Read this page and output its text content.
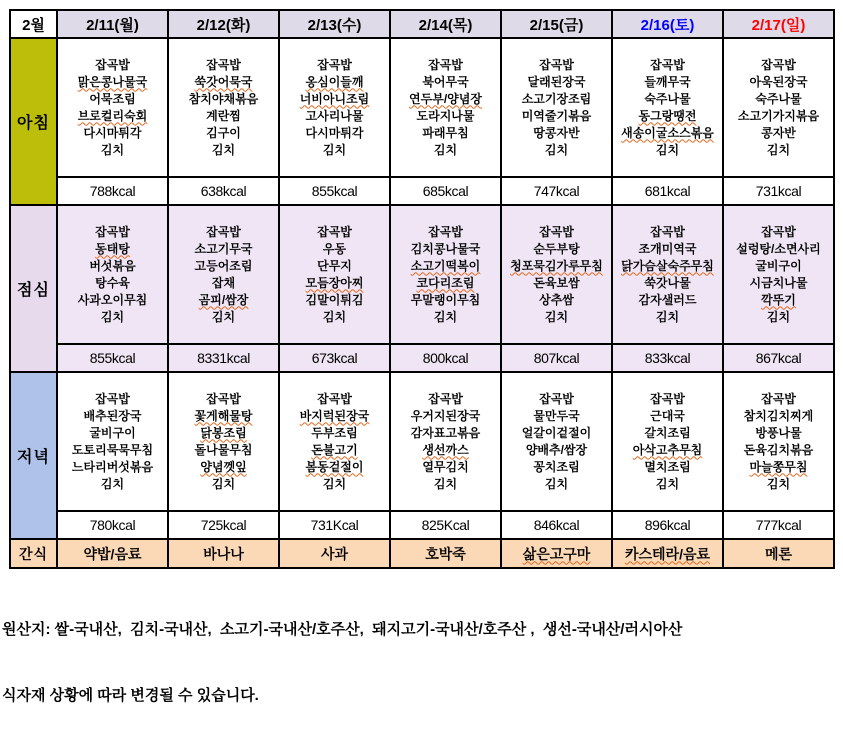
2월	2/11(월)	2/12(화)	2/13(수)	2/14(목)	2/15(금)	2/16(토)	2/17(일)
아침	
잡곡밥
맑은콩나물국
어묵조림
브로컬리숙회
다시마튀각
김치

잡곡밥
쑥갓어묵국
참치야채볶음
계란찜
김구이
김치

잡곡밥
옹심이들깨
너비아니조림
고사리나물
다시마튀각
김치

잡곡밥
북어무국
연두부/양념장
도라지나물
파래무침
김치

잡곡밥
달래된장국
소고기장조림
미역줄기볶음
땅콩자반
김치

잡곡밥
들깨무국
숙주나물
동그랑땡전
새송이굴소스볶음
김치

잡곡밥
아욱된장국
숙주나물
소고기가지볶음
콩자반
김치

	788kcal	638kcal	855kcal	685kcal	747kcal	681kcal	731kcal
점심	
잡곡밥
동태탕
버섯볶음
탕수육
사과오이무침
김치

잡곡밥
소고기무국
고등어조림
잡채
곰피/쌈장
김치

잡곡밥
우동
단무지
모듬장아찌
김말이튀김
김치

잡곡밥
김치콩나물국
소고기떡복이
코다리조림
무말랭이무침
김치

잡곡밥
순두부탕
청포묵김가루무침
돈육보쌈
상추쌈
김치

잡곡밥
조개미역국
닭가슴살숙주무침
쑥갓나물
감자샐러드
김치

잡곡밥
설렁탕/소면사리
굴비구이
시금치나물
깍뚜기
김치

	855kcal	8331kcal	673kcal	800kcal	807kcal	833kcal	867kcal
저녁	
잡곡밥
배추된장국
굴비구이
도토리묵묵무침
느타리버섯볶음
김치

잡곡밥
꽃게해물탕
닭봉조림
돌나물무침
양념껫잎
김치

잡곡밥
바지럭된장국
두부조림
돈불고기
봄동겉절이
김치

잡곡밥
우거지된장국
감자표고볶음
생선까스
열무김치
김치

잡곡밥
물만두국
얼갈이겉절이
양배추/쌈장
꽁치조림
김치

잡곡밥
근대국
갈치조림
아삭고추무침
멸치조림
김치

잡곡밥
참치김치찌게
방풍나물
돈육김치볶음
마늘쫑무침
김치

	780kcal	725kcal	731Kcal	825Kcal	846kcal	896kcal	777kcal
간식	약밥/음료	바나나	사과	호박죽	삶은고구마	카스테라/음료	메론

원산지: 쌀-국내산,  김치-국내산,  소고기-국내산/호주산,  돼지고기-국내산/호주산 ,  생선-국내산/러시아산

식자재 상황에 따라 변경될 수 있습니다.
